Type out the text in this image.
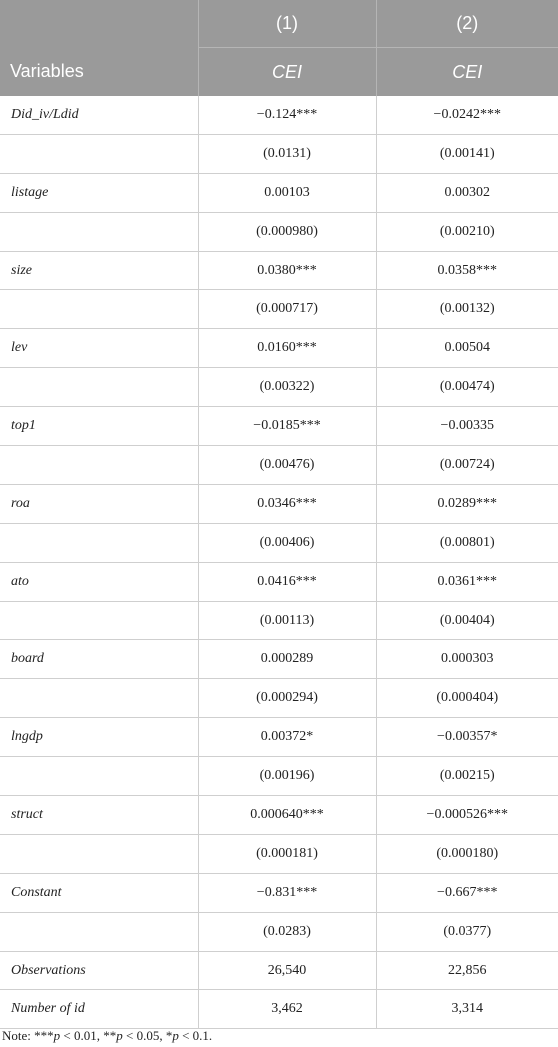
	(1)	(2)
Variables	CEI	CEI
Did_iv/Ldid	−0.124***	−0.0242***
	(0.0131)	(0.00141)
listage	0.00103	0.00302
	(0.000980)	(0.00210)
size	0.0380***	0.0358***
	(0.000717)	(0.00132)
lev	0.0160***	0.00504
	(0.00322)	(0.00474)
top1	−0.0185***	−0.00335
	(0.00476)	(0.00724)
roa	0.0346***	0.0289***
	(0.00406)	(0.00801)
ato	0.0416***	0.0361***
	(0.00113)	(0.00404)
board	0.000289	0.000303
	(0.000294)	(0.000404)
lngdp	0.00372*	−0.00357*
	(0.00196)	(0.00215)
struct	0.000640***	−0.000526***
	(0.000181)	(0.000180)
Constant	−0.831***	−0.667***
	(0.0283)	(0.0377)
Observations	26,540	22,856
Number of id	3,462	3,314
Note: ***p < 0.01, **p < 0.05, *p < 0.1.
